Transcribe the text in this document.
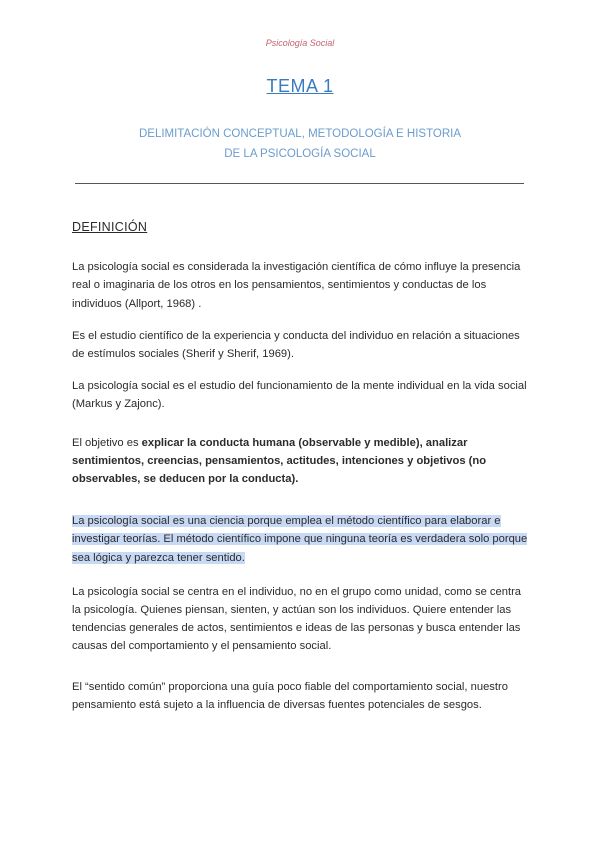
Psicología Social
TEMA 1
DELIMITACIÓN CONCEPTUAL, METODOLOGÍA E HISTORIA
DE LA PSICOLOGÍA SOCIAL
DEFINICIÓN

La psicología social es considerada la investigación científica de cómo influye la presencia real o imaginaria de los otros en los pensamientos, sentimientos y conductas de los individuos (Allport, 1968) .

Es el estudio científico de la experiencia y conducta del individuo en relación a situaciones de estímulos sociales (Sherif y Sherif, 1969).

La psicología social es el estudio del funcionamiento de la mente individual en la vida social (Markus y Zajonc).

El objetivo es explicar la conducta humana (observable y medible), analizar sentimientos, creencias, pensamientos, actitudes, intenciones y objetivos (no observables, se deducen por la conducta).

La psicología social es una ciencia porque emplea el método científico para elaborar e investigar teorías. El método científico impone que ninguna teoría es verdadera solo porque sea lógica y parezca tener sentido.

La psicología social se centra en el individuo, no en el grupo como unidad, como se centra la psicología. Quienes piensan, sienten, y actúan son los individuos. Quiere entender las tendencias generales de actos, sentimientos e ideas de las personas y busca entender las causas del comportamiento y el pensamiento social.

El “sentido común” proporciona una guía poco fiable del comportamiento social, nuestro pensamiento está sujeto a la influencia de diversas fuentes potenciales de sesgos.
